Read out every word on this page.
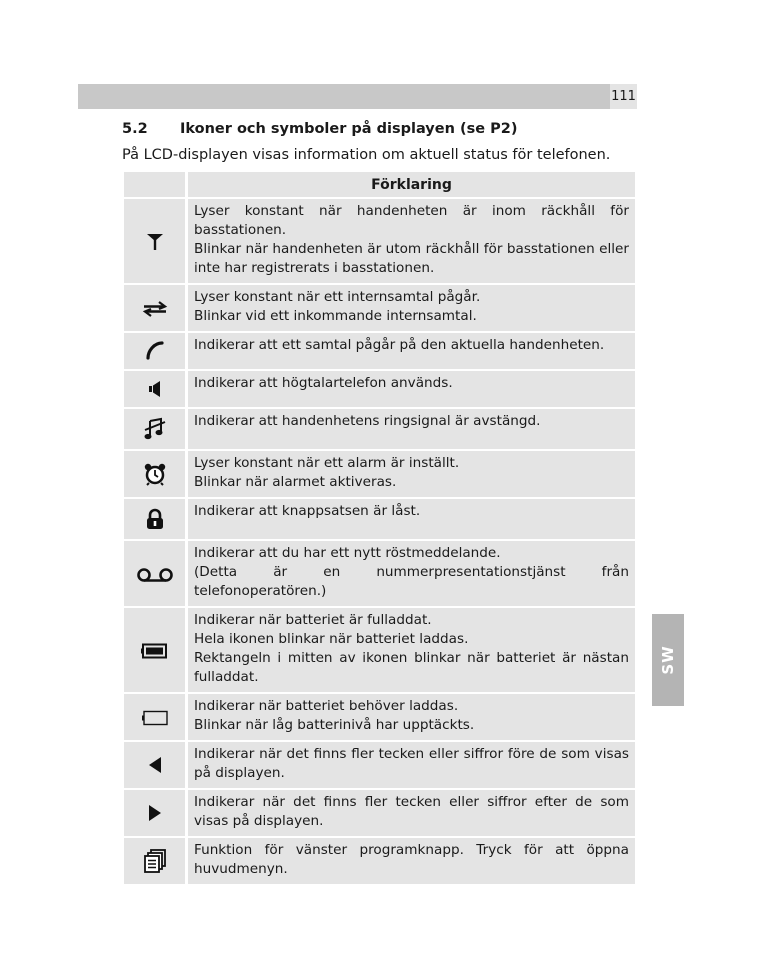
111
5.2 Ikoner och symboler på displayen (se P2)
På LCD-displayen visas information om aktuell status för telefonen.
SW
	Förklaring

Lyser konstant när handenheten är inom räckhåll för basstationen.
Blinkar när handenheten är utom räckhåll för basstationen eller inte har registrerats i basstationen.

Lyser konstant när ett internsamtal pågår.
Blinkar vid ett inkommande internsamtal.

Indikerar att ett samtal pågår på den aktuella handenheten.

Indikerar att högtalartelefon används.

Indikerar att handenhetens ringsignal är avstängd.

Lyser konstant när ett alarm är inställt.
Blinkar när alarmet aktiveras.

Indikerar att knappsatsen är låst.

Indikerar att du har ett nytt röstmeddelande.
(Detta är en nummerpresentationstjänst från telefonoperatören.)

Indikerar när batteriet är fulladdat.
Hela ikonen blinkar när batteriet laddas.
Rektangeln i mitten av ikonen blinkar när batteriet är nästan fulladdat.

Indikerar när batteriet behöver laddas.
Blinkar när låg batterinivå har upptäckts.

Indikerar när det finns fler tecken eller siffror före de som visas på displayen.

Indikerar när det finns fler tecken eller siffror efter de som visas på displayen.

Funktion för vänster programknapp. Tryck för att öppna huvudmenyn.
